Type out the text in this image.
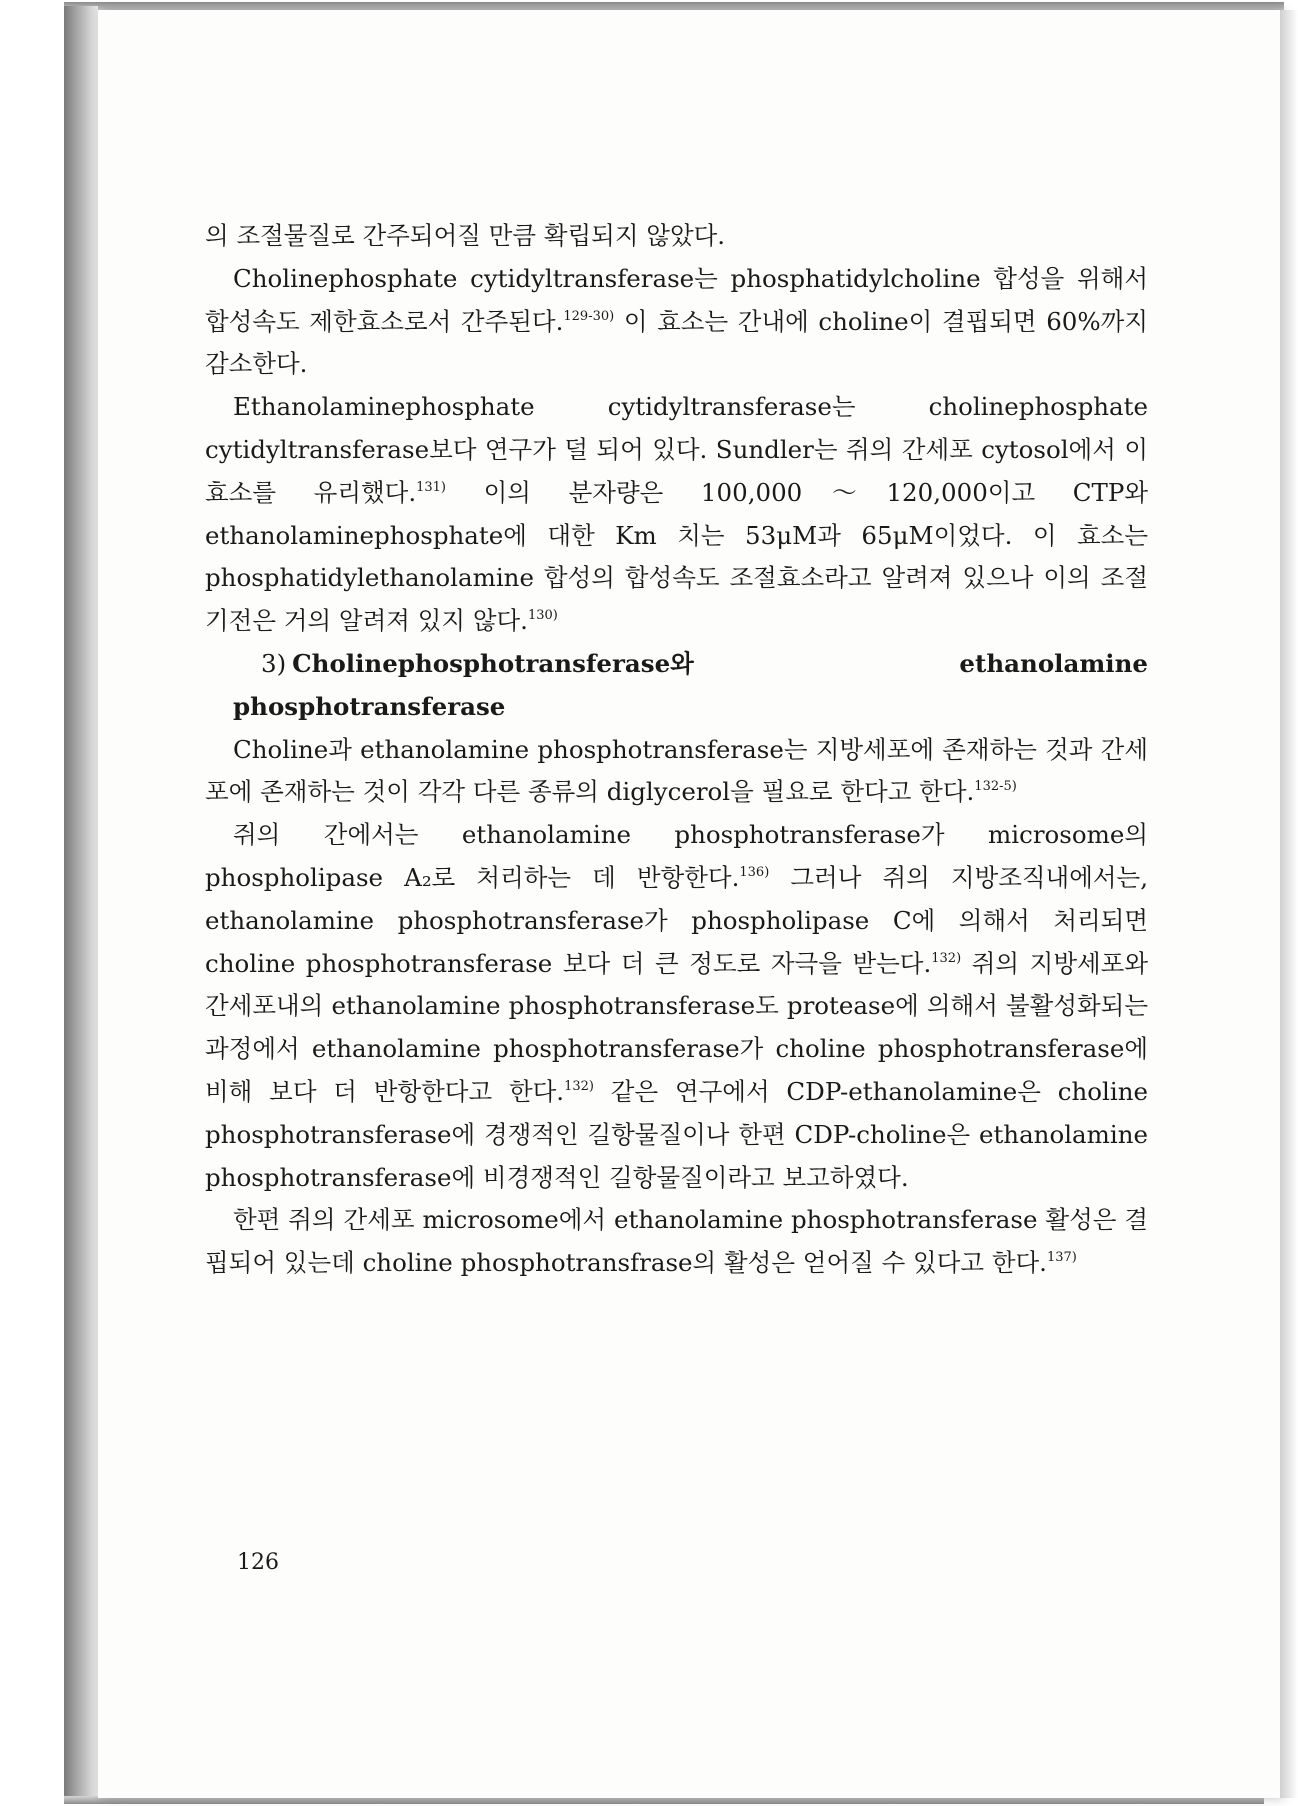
의 조절물질로 간주되어질 만큼 확립되지 않았다.

Cholinephosphate cytidyltransferase는 phosphatidylcholine 합성을 위해서 합성속도 제한효소로서 간주된다.$^{129-30)}$ 이 효소는 간내에 choline이 결핍되면 60%까지 감소한다.

Ethanolaminephosphate cytidyltransferase는 cholinephosphate cytidyltransferase보다 연구가 덜 되어 있다. Sundler는 쥐의 간세포 cytosol에서 이 효소를 유리했다.$^{131)}$ 이의 분자량은 100,000～120,000이고 CTP와 ethanolaminephosphate에 대한 Km 치는 53μM과 65μM이었다. 이 효소는 phosphatidylethanolamine 합성의 합성속도 조절효소라고 알려져 있으나 이의 조절기전은 거의 알려져 있지 않다.$^{130)}$

3) Cholinephosphotransferase와 ethanolamine phosphotransferase

Choline과 ethanolamine phosphotransferase는 지방세포에 존재하는 것과 간세포에 존재하는 것이 각각 다른 종류의 diglycerol을 필요로 한다고 한다.$^{132-5)}$

쥐의 간에서는 ethanolamine phosphotransferase가 microsome의 phospholipase A₂로 처리하는 데 반항한다.$^{136)}$ 그러나 쥐의 지방조직내에서는, ethanolamine phosphotransferase가 phospholipase C에 의해서 처리되면 choline phosphotransferase 보다 더 큰 정도로 자극을 받는다.$^{132)}$ 쥐의 지방세포와 간세포내의 ethanolamine phosphotransferase도 protease에 의해서 불활성화되는 과정에서 ethanolamine phosphotransferase가 choline phosphotransferase에 비해 보다 더 반항한다고 한다.$^{132)}$ 같은 연구에서 CDP-ethanolamine은 choline phosphotransferase에 경쟁적인 길항물질이나 한편 CDP-choline은 ethanolamine phosphotransferase에 비경쟁적인 길항물질이라고 보고하였다.

한편 쥐의 간세포 microsome에서 ethanolamine phosphotransferase 활성은 결핍되어 있는데 choline phosphotransfrase의 활성은 얻어질 수 있다고 한다.$^{137)}$

126
